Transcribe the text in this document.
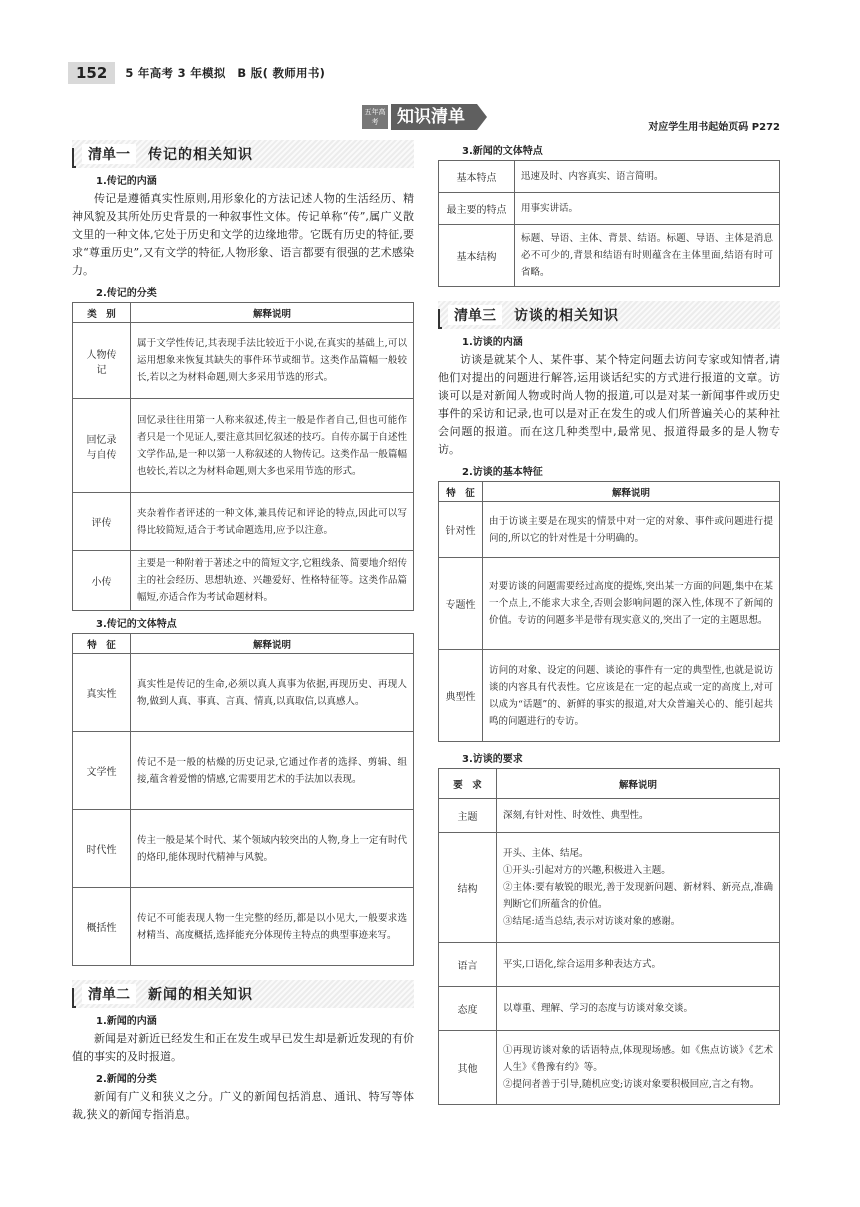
152	5 年高考 3 年模拟　B 版( 教师用书)
五年高考	知识清单
对应学生用书起始页码 P272
清单一	传记的相关知识
1.传记的内涵

传记是遵循真实性原则,用形象化的方法记述人物的生活经历、精神风貌及其所处历史背景的一种叙事性文体。传记单称“传”,属广义散文里的一种文体,它处于历史和文学的边缘地带。它既有历史的特征,要求“尊重历史”,又有文学的特征,人物形象、语言都要有很强的艺术感染力。

2.传记的分类
类　别	解释说明
人物传记	属于文学性传记,其表现手法比较近于小说,在真实的基础上,可以运用想象来恢复其缺失的事件环节或细节。这类作品篇幅一般较长,若以之为材料命题,则大多采用节选的形式。
回忆录与自传	回忆录往往用第一人称来叙述,传主一般是作者自己,但也可能作者只是一个见证人,要注意其回忆叙述的技巧。自传亦属于自述性文学作品,是一种以第一人称叙述的人物传记。这类作品一般篇幅也较长,若以之为材料命题,则大多也采用节选的形式。
评传	夹杂着作者评述的一种文体,兼具传记和评论的特点,因此可以写得比较简短,适合于考试命题选用,应予以注意。
小传	主要是一种附着于著述之中的简短文字,它粗线条、简要地介绍传主的社会经历、思想轨迹、兴趣爱好、性格特征等。这类作品篇幅短,亦适合作为考试命题材料。
3.传记的文体特点
特　征	解释说明
真实性	真实性是传记的生命,必须以真人真事为依据,再现历史、再现人物,做到人真、事真、言真、情真,以真取信,以真感人。
文学性	传记不是一般的枯燥的历史记录,它通过作者的选择、剪辑、组接,蕴含着爱憎的情感,它需要用艺术的手法加以表现。
时代性	传主一般是某个时代、某个领域内较突出的人物,身上一定有时代的烙印,能体现时代精神与风貌。
概括性	传记不可能表现人物一生完整的经历,都是以小见大,一般要求选材精当、高度概括,选择能充分体现传主特点的典型事迹来写。
清单二	新闻的相关知识
1.新闻的内涵

新闻是对新近已经发生和正在发生或早已发生却是新近发现的有价值的事实的及时报道。

2.新闻的分类

新闻有广义和狭义之分。广义的新闻包括消息、通讯、特写等体裁,狭义的新闻专指消息。

3.新闻的文体特点
基本特点	迅速及时、内容真实、语言简明。
最主要的特点	用事实讲话。
基本结构	标题、导语、主体、背景、结语。标题、导语、主体是消息必不可少的,背景和结语有时则蕴含在主体里面,结语有时可省略。
清单三	访谈的相关知识
1.访谈的内涵

访谈是就某个人、某件事、某个特定问题去访问专家或知情者,请他们对提出的问题进行解答,运用谈话纪实的方式进行报道的文章。访谈可以是对新闻人物或时尚人物的报道,可以是对某一新闻事件或历史事件的采访和记录,也可以是对正在发生的或人们所普遍关心的某种社会问题的报道。而在这几种类型中,最常见、报道得最多的是人物专访。

2.访谈的基本特征
特　征	解释说明
针对性	由于访谈主要是在现实的情景中对一定的对象、事件或问题进行提问的,所以它的针对性是十分明确的。
专题性	对要访谈的问题需要经过高度的提炼,突出某一方面的问题,集中在某一个点上,不能求大求全,否则会影响问题的深入性,体现不了新闻的价值。专访的问题多半是带有现实意义的,突出了一定的主题思想。
典型性	访问的对象、设定的问题、谈论的事件有一定的典型性,也就是说访谈的内容具有代表性。它应该是在一定的起点或一定的高度上,对可以成为“话题”的、新鲜的事实的报道,对大众普遍关心的、能引起共鸣的问题进行的专访。
3.访谈的要求
要　求	解释说明
主题	深刻,有针对性、时效性、典型性。
结构	开头、主体、结尾。
①开头:引起对方的兴趣,积极进入主题。
②主体:要有敏锐的眼光,善于发现新问题、新材料、新亮点,准确判断它们所蕴含的价值。
③结尾:适当总结,表示对访谈对象的感谢。
语言	平实,口语化,综合运用多种表达方式。
态度	以尊重、理解、学习的态度与访谈对象交谈。
其他	①再现访谈对象的话语特点,体现现场感。如《焦点访谈》《艺术人生》《鲁豫有约》等。
②提问者善于引导,随机应变;访谈对象要积极回应,言之有物。
